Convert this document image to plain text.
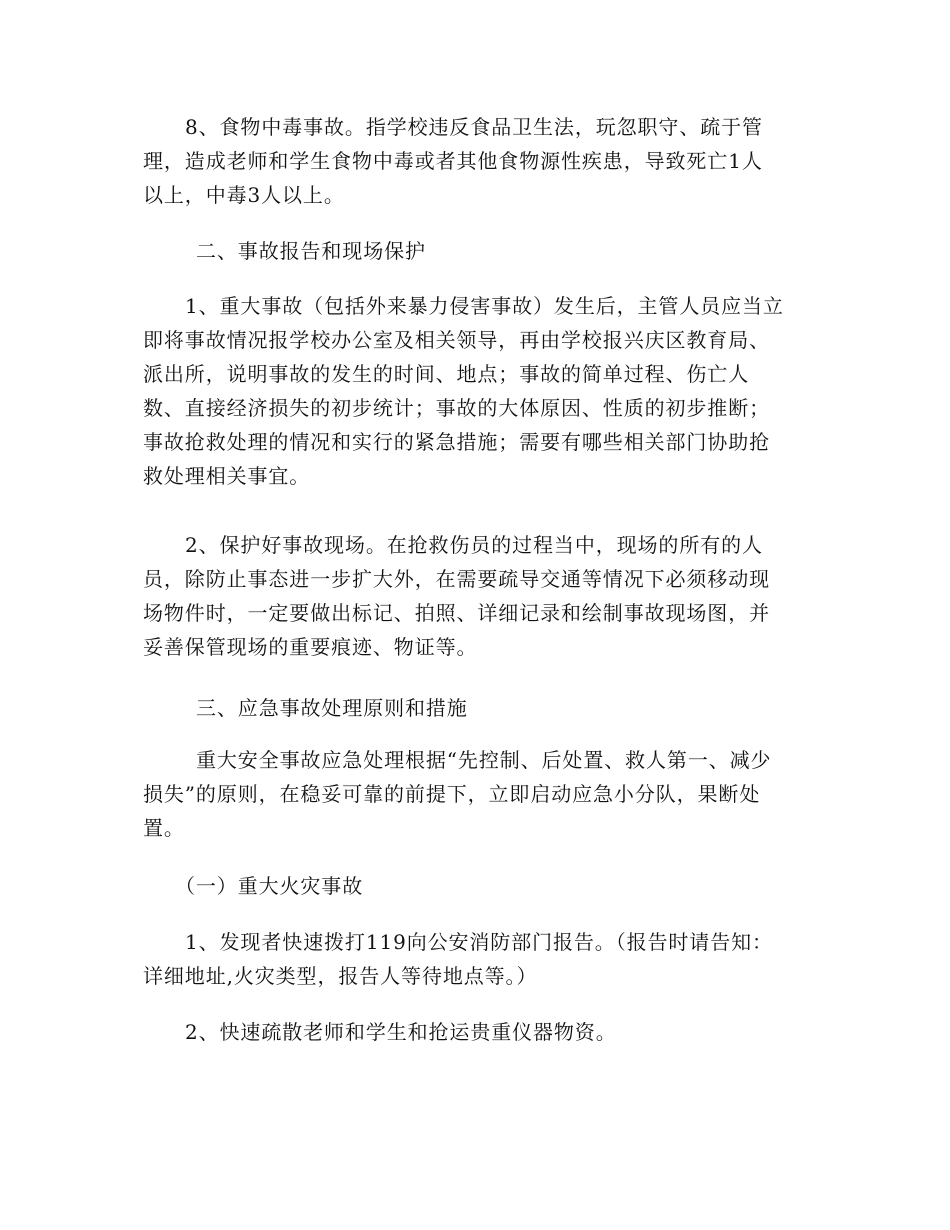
8、食物中毒事故。指学校违反食品卫生法，玩忽职守、疏于管
理，造成老师和学生食物中毒或者其他食物源性疾患，导致死亡1人
以上，中毒3人以上。
二、事故报告和现场保护
1、重大事故（包括外来暴力侵害事故）发生后，主管人员应当立
即将事故情况报学校办公室及相关领导，再由学校报兴庆区教育局、
派出所，说明事故的发生的时间、地点；事故的简单过程、伤亡人
数、直接经济损失的初步统计；事故的大体原因、性质的初步推断；
事故抢救处理的情况和实行的紧急措施；需要有哪些相关部门协助抢
救处理相关事宜。
2、保护好事故现场。在抢救伤员的过程当中，现场的所有的人
员，除防止事态进一步扩大外，在需要疏导交通等情况下必须移动现
场物件时，一定要做出标记、拍照、详细记录和绘制事故现场图，并
妥善保管现场的重要痕迹、物证等。
三、应急事故处理原则和措施
重大安全事故应急处理根据“先控制、后处置、救人第一、减少
损失”的原则，在稳妥可靠的前提下，立即启动应急小分队，果断处
置。
（一）重大火灾事故
1、发现者快速拨打119向公安消防部门报告。（报告时请告知：
详细地址,火灾类型，报告人等待地点等。）
2、快速疏散老师和学生和抢运贵重仪器物资。
